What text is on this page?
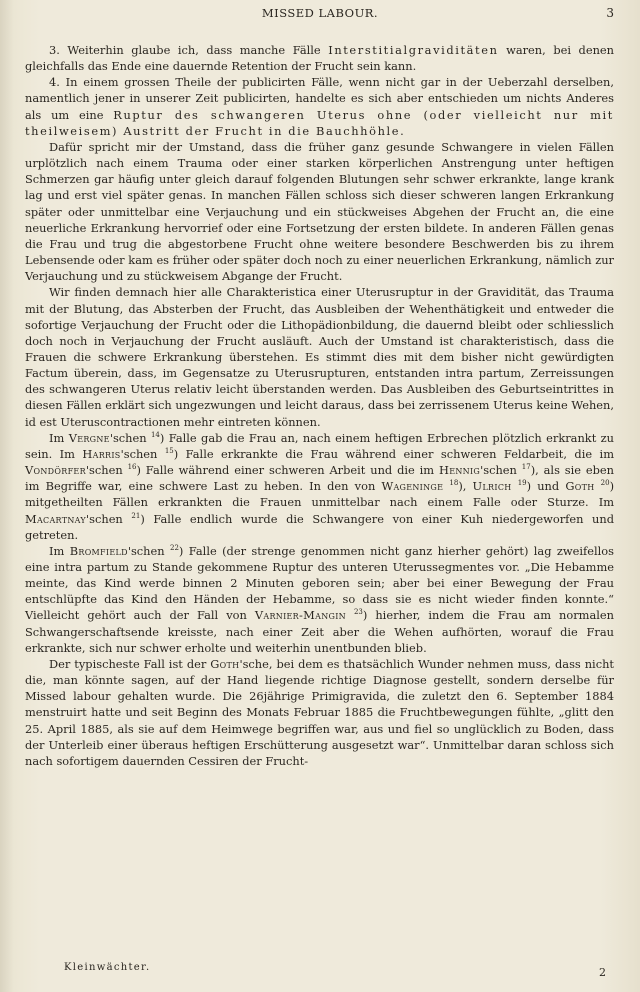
MISSED LABOUR.	3

3. Weiterhin glaube ich, dass manche Fälle Interstitialgraviditäten waren, bei denen gleichfalls das Ende eine dauernde Retention der Frucht sein kann.

4. In einem grossen Theile der publicirten Fälle, wenn nicht gar in der Ueberzahl derselben, namentlich jener in unserer Zeit publicirten, handelte es sich aber entschieden um nichts Anderes als um eine Ruptur des schwangeren Uterus ohne (oder vielleicht nur mit theilweisem) Austritt der Frucht in die Bauchhöhle.

Dafür spricht mir der Umstand, dass die früher ganz gesunde Schwangere in vielen Fällen urplötzlich nach einem Trauma oder einer starken körperlichen Anstrengung unter heftigen Schmerzen gar häufig unter gleich darauf folgenden Blutungen sehr schwer erkrankte, lange krank lag und erst viel später genas. In manchen Fällen schloss sich dieser schweren langen Erkrankung später oder unmittelbar eine Verjauchung und ein stückweises Abgehen der Frucht an, die eine neuerliche Erkrankung hervorrief oder eine Fortsetzung der ersten bildete. In anderen Fällen genas die Frau und trug die abgestorbene Frucht ohne weitere besondere Beschwerden bis zu ihrem Lebensende oder kam es früher oder später doch noch zu einer neuerlichen Erkrankung, nämlich zur Verjauchung und zu stückweisem Abgange der Frucht.

Wir finden demnach hier alle Charakteristica einer Uterusruptur in der Gravidität, das Trauma mit der Blutung, das Absterben der Frucht, das Ausbleiben der Wehenthätigkeit und entweder die sofortige Verjauchung der Frucht oder die Lithopädionbildung, die dauernd bleibt oder schliesslich doch noch in Verjauchung der Frucht ausläuft. Auch der Umstand ist charakteristisch, dass die Frauen die schwere Erkrankung überstehen. Es stimmt dies mit dem bisher nicht gewürdigten Factum überein, dass, im Gegensatze zu Uterusrupturen, entstanden intra partum, Zerreissungen des schwangeren Uterus relativ leicht überstanden werden. Das Ausbleiben des Geburtseintrittes in diesen Fällen erklärt sich ungezwungen und leicht daraus, dass bei zerrissenem Uterus keine Wehen, id est Uteruscontractionen mehr eintreten können.

Im Vergne'schen $^{14}$) Falle gab die Frau an, nach einem heftigen Erbrechen plötzlich erkrankt zu sein. Im Harris'schen $^{15}$) Falle erkrankte die Frau während einer schweren Feldarbeit, die im Vondörfer'schen $^{16}$) Falle während einer schweren Arbeit und die im Hennig'schen $^{17}$), als sie eben im Begriffe war, eine schwere Last zu heben. In den von Wageninge $^{18}$), Ulrich $^{19}$) und Goth $^{20}$) mitgetheilten Fällen erkrankten die Frauen unmittelbar nach einem Falle oder Sturze. Im Macartnay'schen $^{21}$) Falle endlich wurde die Schwangere von einer Kuh niedergeworfen und getreten.

Im Bromfield'schen $^{22}$) Falle (der strenge genommen nicht ganz hierher gehört) lag zweifellos eine intra partum zu Stande gekommene Ruptur des unteren Uterussegmentes vor. „Die Hebamme meinte, das Kind werde binnen 2 Minuten geboren sein; aber bei einer Bewegung der Frau entschlüpfte das Kind den Händen der Hebamme, so dass sie es nicht wieder finden konnte.“ Vielleicht gehört auch der Fall von Varnier-Mangin $^{23}$) hierher, indem die Frau am normalen Schwangerschaftsende kreisste, nach einer Zeit aber die Wehen aufhörten, worauf die Frau erkrankte, sich nur schwer erholte und weiterhin unentbunden blieb.

Der typischeste Fall ist der Goth'sche, bei dem es thatsächlich Wunder nehmen muss, dass nicht die, man könnte sagen, auf der Hand liegende richtige Diagnose gestellt, sondern derselbe für Missed labour gehalten wurde. Die 26jährige Primigravida, die zuletzt den 6. September 1884 menstruirt hatte und seit Beginn des Monats Februar 1885 die Fruchtbewegungen fühlte, „glitt den 25. April 1885, als sie auf dem Heimwege begriffen war, aus und fiel so unglücklich zu Boden, dass der Unterleib einer überaus heftigen Erschütterung ausgesetzt war“. Unmittelbar daran schloss sich nach sofortigem dauernden Cessiren der Frucht-

Kleinwächter.	2
